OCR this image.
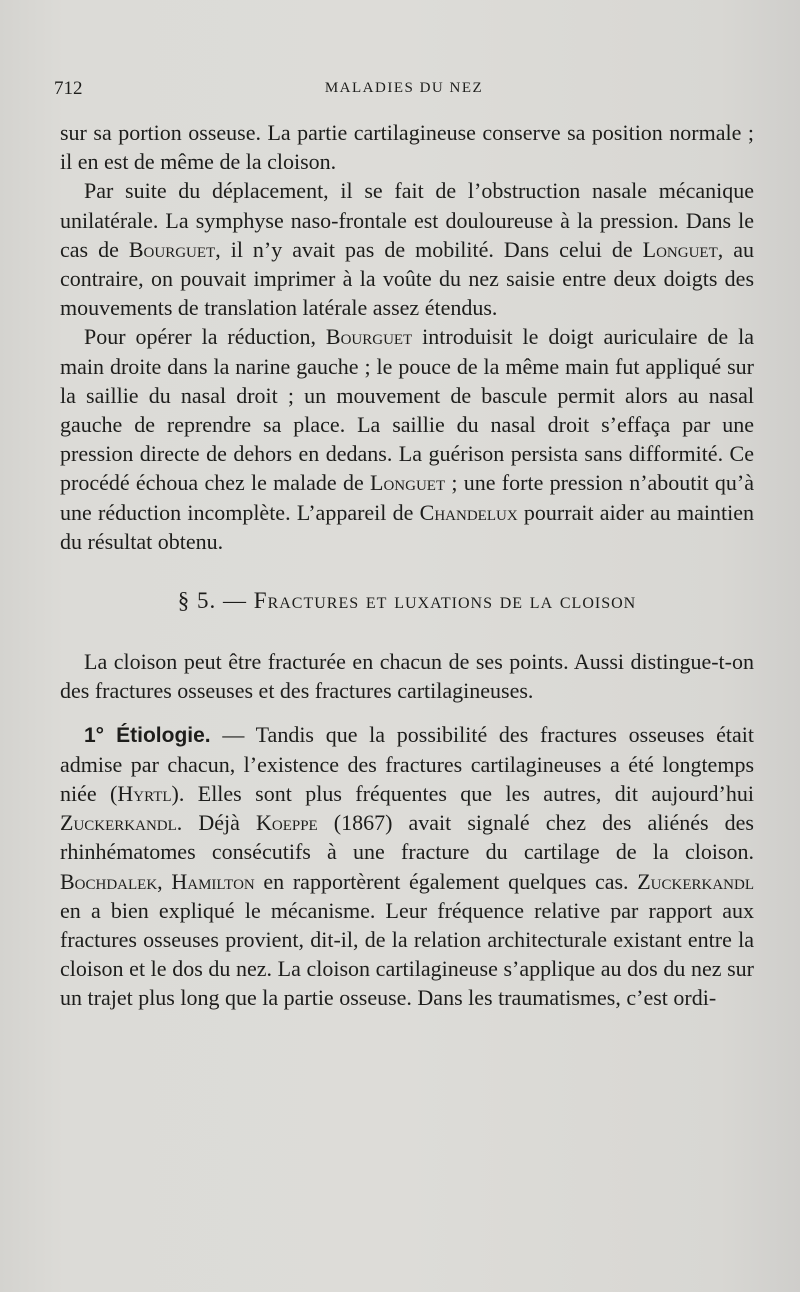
712	MALADIES DU NEZ

sur sa portion osseuse. La partie cartilagineuse conserve sa position normale ; il en est de même de la cloison.

Par suite du déplacement, il se fait de l’obstruction nasale mécanique unilatérale. La symphyse naso-frontale est douloureuse à la pression. Dans le cas de Bourguet, il n’y avait pas de mobilité. Dans celui de Longuet, au contraire, on pouvait imprimer à la voûte du nez saisie entre deux doigts des mouvements de translation latérale assez étendus.

Pour opérer la réduction, Bourguet introduisit le doigt auriculaire de la main droite dans la narine gauche ; le pouce de la même main fut appliqué sur la saillie du nasal droit ; un mouvement de bascule permit alors au nasal gauche de reprendre sa place. La saillie du nasal droit s’effaça par une pression directe de dehors en dedans. La guérison persista sans difformité. Ce procédé échoua chez le malade de Longuet ; une forte pression n’aboutit qu’à une réduction incomplète. L’appareil de Chandelux pourrait aider au maintien du résultat obtenu.

§ 5. — Fractures et luxations de la cloison

La cloison peut être fracturée en chacun de ses points. Aussi distingue-t-on des fractures osseuses et des fractures cartilagineuses.

1° Étiologie. — Tandis que la possibilité des fractures osseuses était admise par chacun, l’existence des fractures cartilagineuses a été longtemps niée (Hyrtl). Elles sont plus fréquentes que les autres, dit aujourd’hui Zuckerkandl. Déjà Koeppe (1867) avait signalé chez des aliénés des rhinhématomes consécutifs à une fracture du cartilage de la cloison. Bochdalek, Hamilton en rapportèrent également quelques cas. Zuckerkandl en a bien expliqué le mécanisme. Leur fréquence relative par rapport aux fractures osseuses provient, dit-il, de la relation architecturale existant entre la cloison et le dos du nez. La cloison cartilagineuse s’applique au dos du nez sur un trajet plus long que la partie osseuse. Dans les traumatismes, c’est ordi-
